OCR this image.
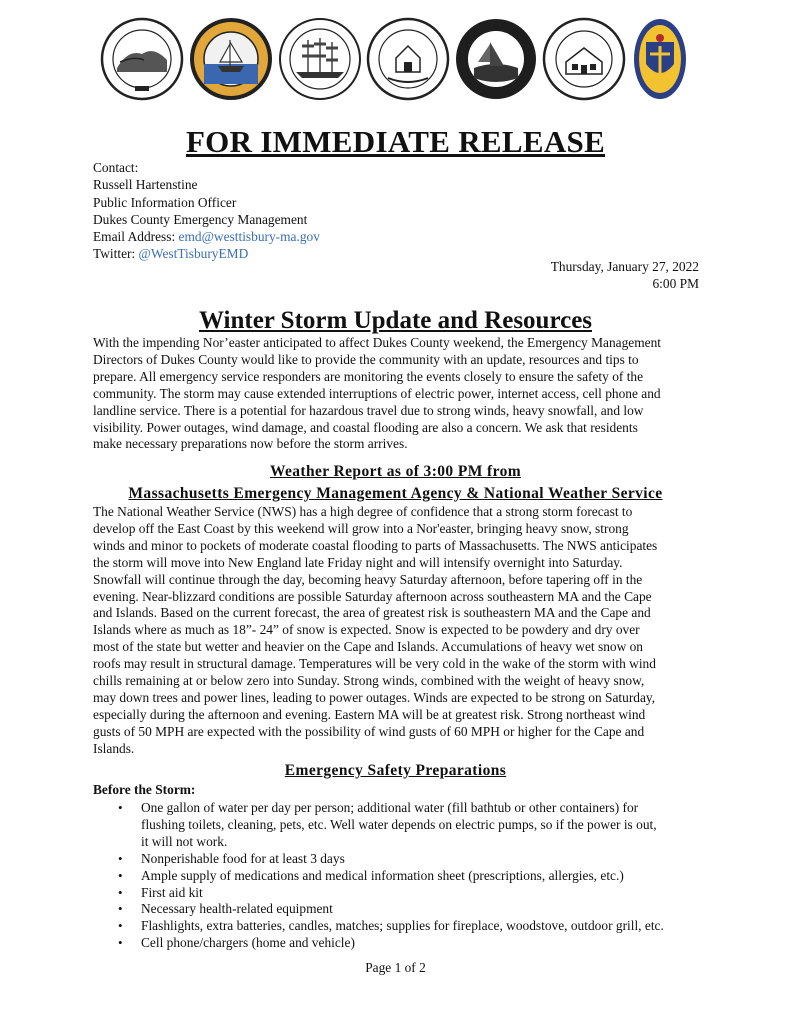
FOR IMMEDIATE RELEASE
Contact:
Russell Hartenstine
Public Information Officer
Dukes County Emergency Management
Email Address: emd@westtisbury-ma.gov
Twitter: @WestTisburyEMD
Thursday, January 27, 2022
6:00 PM
Winter Storm Update and Resources
With the impending Nor’easter anticipated to affect Dukes County weekend, the Emergency Management
Directors of Dukes County would like to provide the community with an update, resources and tips to
prepare. All emergency service responders are monitoring the events closely to ensure the safety of the
community. The storm may cause extended interruptions of electric power, internet access, cell phone and
landline service. There is a potential for hazardous travel due to strong winds, heavy snowfall, and low
visibility. Power outages, wind damage, and coastal flooding are also a concern. We ask that residents
make necessary preparations now before the storm arrives.
Weather Report as of 3:00 PM from
Massachusetts Emergency Management Agency & National Weather Service
The National Weather Service (NWS) has a high degree of confidence that a strong storm forecast to
develop off the East Coast by this weekend will grow into a Nor'easter, bringing heavy snow, strong
winds and minor to pockets of moderate coastal flooding to parts of Massachusetts. The NWS anticipates
the storm will move into New England late Friday night and will intensify overnight into Saturday.
Snowfall will continue through the day, becoming heavy Saturday afternoon, before tapering off in the
evening. Near-blizzard conditions are possible Saturday afternoon across southeastern MA and the Cape
and Islands. Based on the current forecast, the area of greatest risk is southeastern MA and the Cape and
Islands where as much as 18”- 24” of snow is expected. Snow is expected to be powdery and dry over
most of the state but wetter and heavier on the Cape and Islands. Accumulations of heavy wet snow on
roofs may result in structural damage. Temperatures will be very cold in the wake of the storm with wind
chills remaining at or below zero into Sunday. Strong winds, combined with the weight of heavy snow,
may down trees and power lines, leading to power outages. Winds are expected to be strong on Saturday,
especially during the afternoon and evening. Eastern MA will be at greatest risk. Strong northeast wind
gusts of 50 MPH are expected with the possibility of wind gusts of 60 MPH or higher for the Cape and
Islands.
Emergency Safety Preparations
Before the Storm:
• One gallon of water per day per person; additional water (fill bathtub or other containers) for
flushing toilets, cleaning, pets, etc. Well water depends on electric pumps, so if the power is out,
it will not work.
• Nonperishable food for at least 3 days
• Ample supply of medications and medical information sheet (prescriptions, allergies, etc.)
• First aid kit
• Necessary health-related equipment
• Flashlights, extra batteries, candles, matches; supplies for fireplace, woodstove, outdoor grill, etc.
• Cell phone/chargers (home and vehicle)
Page 1 of 2
